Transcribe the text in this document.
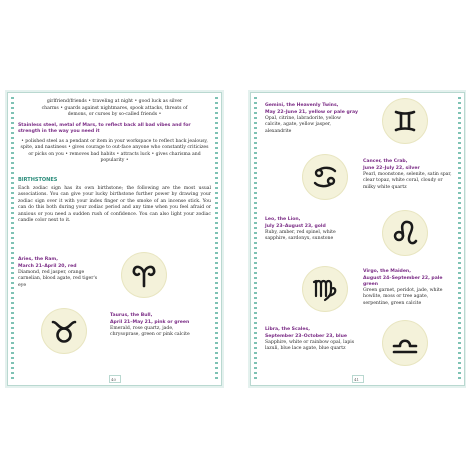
girlfriend/friends • traveling at night • good luck as silver

charms • guards against nightmares, spook attacks, threats of

demons, or curses by so-called friends •

Stainless steel, metal of Mars, to reflect back all bad vibes and for strength in the way you need it

• polished steel as a pendant or item in your workspace to reflect back jealousy, spite, and nastiness • gives courage to out-face anyone who constantly criticizes or picks on you • removes bad habits • attracts luck • gives charisma and popularity •

BIRTHSTONES

Each zodiac sign has its own birthstone; the following are the most usual associations. You can give your lucky birthstone further power by drawing your zodiac sign over it with your index finger or the smoke of an incense stick. You can do this both during your zodiac period and any time when you feel afraid or anxious or you need a sudden rush of confidence. You can also light your zodiac candle color next to it.

Aries, the Ram,

March 21–April 20, red

Diamond, red jasper, orange carnelian, blood agate, red tiger's eye

Taurus, the Bull,

April 21–May 21, pink or green

Emerald, rose quartz, jade, chrysoprase, green or pink calcite

40

Gemini, the Heavenly Twins,

May 22–June 21, yellow or pale gray

Opal, citrine, labradorite, yellow calcite, agate, yellow jasper, alexandrite

Cancer, the Crab,

June 22–July 22, silver

Pearl, moonstone, selenite, satin spar, clear topaz, white coral, cloudy or milky white quartz

Leo, the Lion,

July 23–August 23, gold

Ruby, amber, red spinel, white sapphire, sardonyx, sunstone

Virgo, the Maiden,

August 24–September 22, pale green

Green garnet, peridot, jade, white howlite, moss or tree agate, serpentine, green calcite

Libra, the Scales,

September 23–October 23, blue

Sapphire, white or rainbow opal, lapis lazuli, blue lace agate, blue quartz

41
